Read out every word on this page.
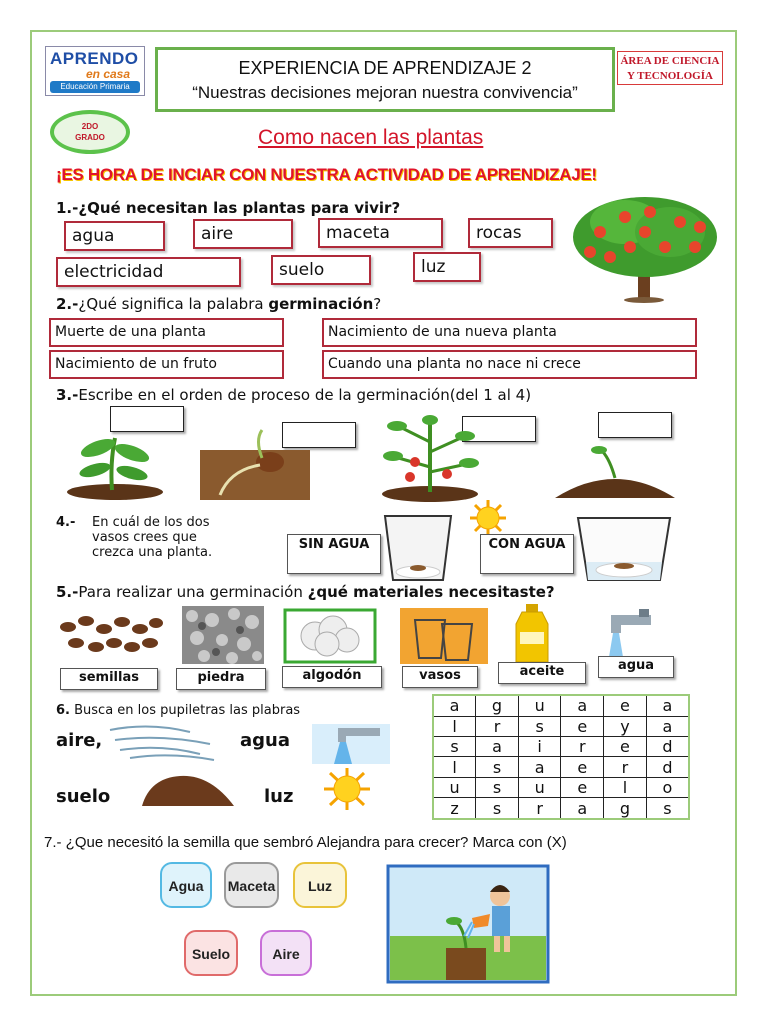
APRENDO
en casa
Educación Primaria
EXPERIENCIA DE APRENDIZAJE 2
“Nuestras decisiones mejoran nuestra convivencia”
ÁREA DE CIENCIA Y TECNOLOGÍA
2DO
GRADO	Como nacen las plantas
¡ES HORA DE INCIAR CON NUESTRA ACTIVIDAD DE APRENDIZAJE!
1.-¿Qué necesitan las plantas para vivir?
agua	aire	maceta	rocas
electricidad	suelo	luz
2.-¿Qué significa la palabra germinación?
Muerte de una planta	Nacimiento de una nueva planta
Nacimiento de un fruto	Cuando una planta no nace ni crece
3.-Escribe en el orden de proceso de la germinación(del 1 al 4)
4.- En cuál de los dos
vasos crees que
crezca una planta.
SIN AGUA	CON AGUA
5.-Para realizar una germinación ¿qué materiales necesitaste?
semillas	piedra	algodón	vasos	aceite	agua
6. Busca en los pupiletras las plabras
aire,	agua
suelo	luz
a	g	u	a	e	a
l	r	s	e	y	a
s	a	i	r	e	d
l	s	a	e	r	d
u	s	u	e	l	o
z	s	r	a	g	s
7.- ¿Que necesitó la semilla que sembró Alejandra para crecer? Marca con (X)
Agua	Maceta	Luz
Suelo	Aire
